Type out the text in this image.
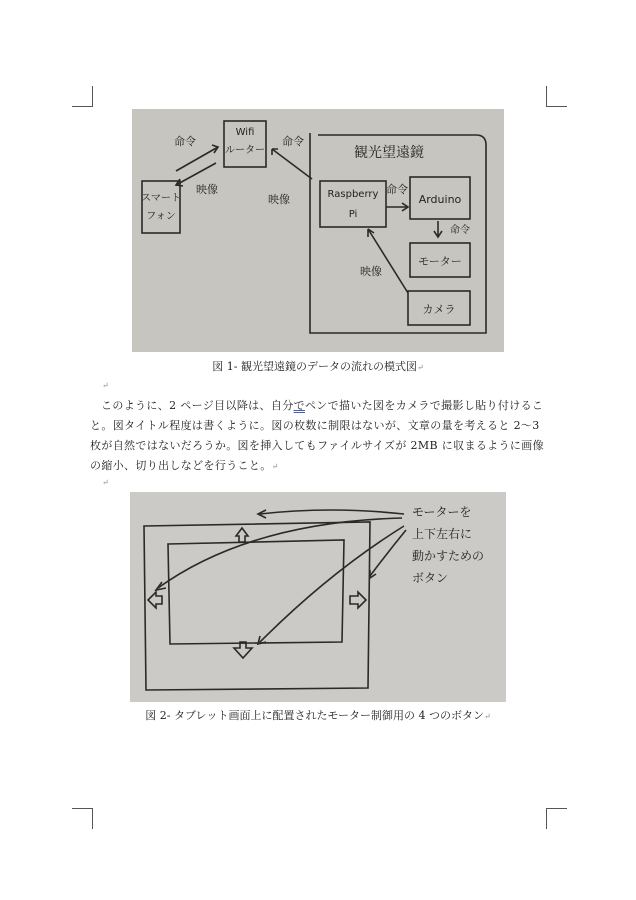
スマート
フォン
Wifi
ルーター
命令
映像
観光望遠鏡
命令
映像	Raspberry
Pi
命令
Arduino
命令
モーター
カメラ
映像
図 1- 観光望遠鏡のデータの流れの模式図↵
↵

このように、2 ページ目以降は、自分でペンで描いた図をカメラで撮影し貼り付けること。図タイトル程度は書くように。図の枚数に制限はないが、文章の量を考えると 2～3 枚が自然ではないだろうか。図を挿入してもファイルサイズが 2MB に収まるように画像の縮小、切り出しなどを行うこと。↵

↵
モーターを
上下左右に
動かすための
ボタン
図 2- タブレット画面上に配置されたモーター制御用の 4 つのボタン↵
